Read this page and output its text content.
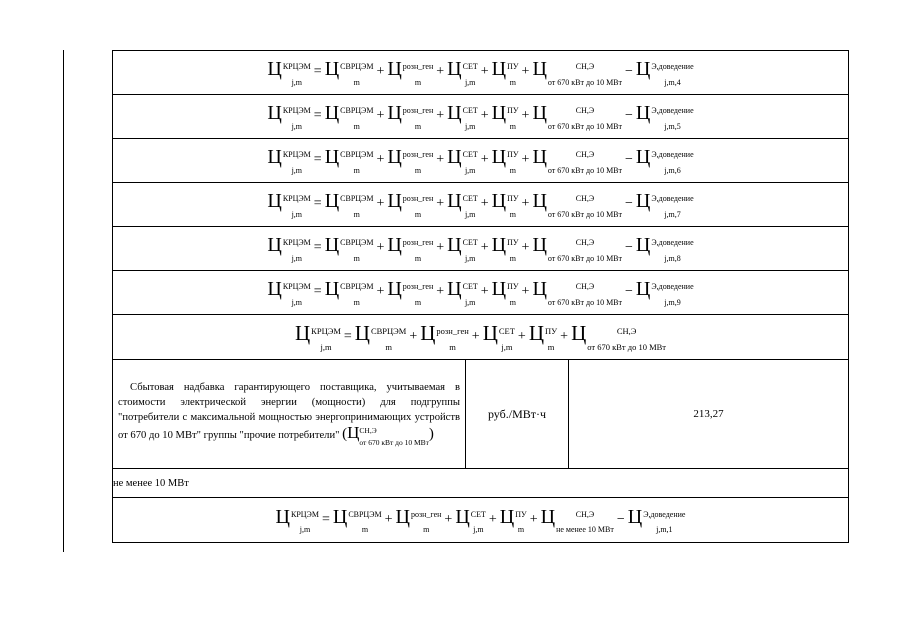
Ц КРЦЭМ
j,m
= Ц СВРЦЭМ
m
+ Ц розн_ген
m
+ Ц СЕТ
j,m
+ Ц ПУ
m
+ Ц	СН,Э
от 670 кВт до 10 МВт
− Ц Э,доведение
j,m,4

Ц КРЦЭМ
j,m
= Ц СВРЦЭМ
m
+ Ц розн_ген
m
+ Ц СЕТ
j,m
+ Ц ПУ
m
+ Ц	СН,Э
от 670 кВт до 10 МВт
− Ц Э,доведение
j,m,5

Ц КРЦЭМ
j,m
= Ц СВРЦЭМ
m
+ Ц розн_ген
m
+ Ц СЕТ
j,m
+ Ц ПУ
m
+ Ц	СН,Э
от 670 кВт до 10 МВт
− Ц Э,доведение
j,m,6

Ц КРЦЭМ
j,m
= Ц СВРЦЭМ
m
+ Ц розн_ген
m
+ Ц СЕТ
j,m
+ Ц ПУ
m
+ Ц	СН,Э
от 670 кВт до 10 МВт
− Ц Э,доведение
j,m,7

Ц КРЦЭМ
j,m
= Ц СВРЦЭМ
m
+ Ц розн_ген
m
+ Ц СЕТ
j,m
+ Ц ПУ
m
+ Ц	СН,Э
от 670 кВт до 10 МВт
− Ц Э,доведение
j,m,8

Ц КРЦЭМ
j,m
= Ц СВРЦЭМ
m
+ Ц розн_ген
m
+ Ц СЕТ
j,m
+ Ц ПУ
m
+ Ц	СН,Э
от 670 кВт до 10 МВт
− Ц Э,доведение
j,m,9

Ц КРЦЭМ
j,m
= Ц СВРЦЭМ
m
+ Ц розн_ген
m
+ Ц СЕТ
j,m
+ Ц ПУ
m
+ Ц	СН,Э
от 670 кВт до 10 МВт

Сбытовая надбавка гарантирующего поставщика, учитываемая в стоимости электрической энергии (мощности) для подгруппы "потребители с максимальной мощностью энергопринимающих устройств от 670 до 10 МВт" группы "прочие потребители" ( Ц СН,Э
от 670 кВт до 10 МВт
)
	руб./МВт·ч	213,27
не менее 10 МВт

Ц КРЦЭМ
j,m
= Ц СВРЦЭМ
m
+ Ц розн_ген
m
+ Ц СЕТ
j,m
+ Ц ПУ
m
+ Ц	СН,Э
не менее 10 МВт
− Ц Э,доведение
j,m,1
